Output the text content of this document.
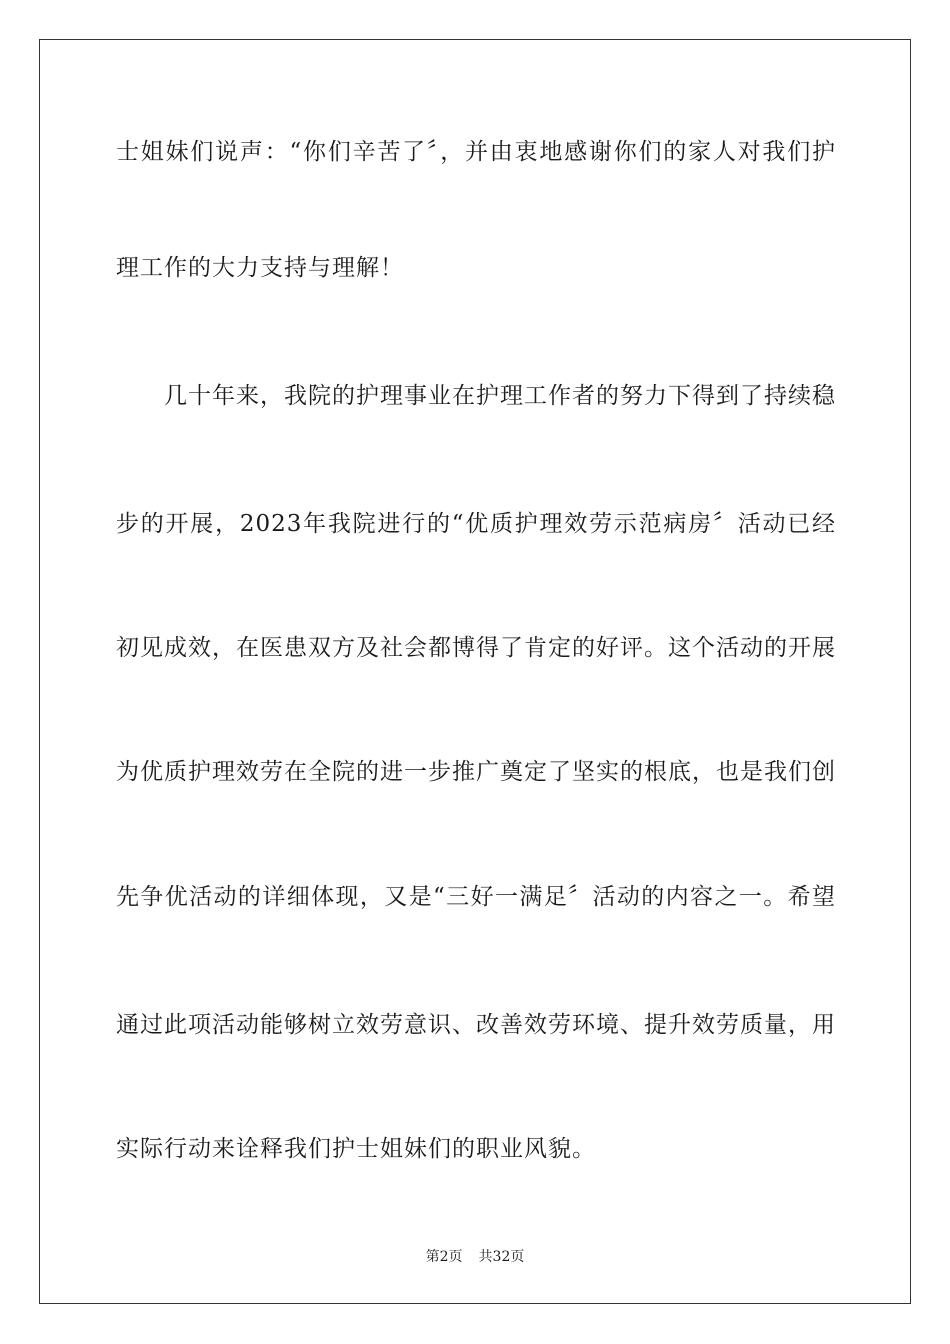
士姐妹们说声：“你们辛苦了〞，并由衷地感谢你们的家人对我们护
理工作的大力支持与理解！
几十年来，我院的护理事业在护理工作者的努力下得到了持续稳
步的开展，2023年我院进行的“优质护理效劳示范病房〞活动已经
初见成效，在医患双方及社会都博得了肯定的好评。这个活动的开展
为优质护理效劳在全院的进一步推广奠定了坚实的根底，也是我们创
先争优活动的详细体现，又是“三好一满足〞活动的内容之一。希望
通过此项活动能够树立效劳意识、改善效劳环境、提升效劳质量，用
实际行动来诠释我们护士姐妹们的职业风貌。
第2页 共32页
